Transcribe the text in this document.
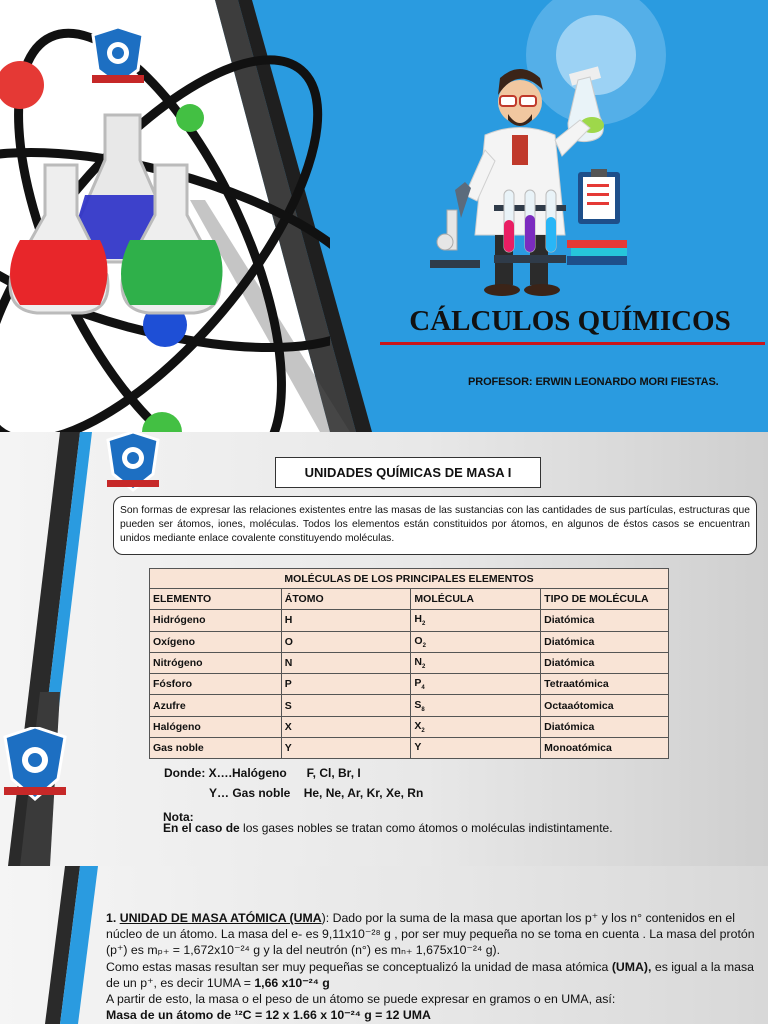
CÁLCULOS QUÍMICOS
PROFESOR: ERWIN LEONARDO MORI FIESTAS.
UNIDADES QUÍMICAS DE MASA I
Son formas de expresar las relaciones existentes entre las masas de las sustancias con las cantidades de sus partículas, estructuras que pueden ser átomos, iones, moléculas. Todos los elementos están constituidos por átomos, en algunos de éstos casos se encuentran unidos mediante enlace covalente constituyendo moléculas.
MOLÉCULAS DE LOS PRINCIPALES ELEMENTOS			
ELEMENTO	ÁTOMO	MOLÉCULA	TIPO DE MOLÉCULA
Hidrógeno	H	$H_2$	Diatómica
Oxígeno	O	$O_2$	Diatómica
Nitrógeno	N	$N_2$	Diatómica
Fósforo	P	$P_4$	Tetraatómica
Azufre	S	$S_8$	Octaaótomica
Halógeno	X	$X_2$	Diatómica
Gas noble	Y	Y	Monoatómica
Donde: X….Halógeno      F, Cl, Br, I
Y… Gas noble    He, Ne, Ar, Kr, Xe, Rn
Nota:
En el caso de los gases nobles se tratan como átomos o moléculas indistintamente.
1. UNIDAD DE MASA ATÓMICA (UMA): Dado por la suma de la masa que aportan los p⁺ y los n° contenidos en el núcleo de un átomo. La masa del e- es 9,11x10⁻²⁸ g , por ser muy pequeña no se toma en cuenta . La masa del protón (p⁺) es mₚ₊ = 1,672x10⁻²⁴ g y la del neutrón (n°) es mₙ₊ 1,675x10⁻²⁴ g).
Como estas masas resultan ser muy pequeñas se conceptualizó la unidad de masa atómica (UMA), es igual a la masa de un p⁺, es decir 1UMA = 1,66 x10⁻²⁴ g
A partir de esto, la masa o el peso de un átomo se puede expresar en gramos o en UMA, así:
Masa de un átomo de ¹²C = 12 x 1.66 x 10⁻²⁴ g = 12 UMA
